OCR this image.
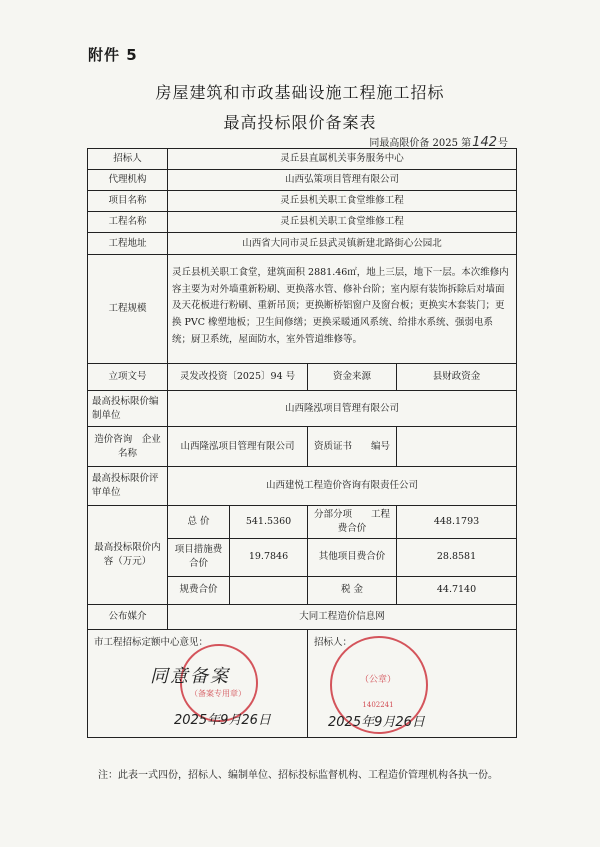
附件 5
房屋建筑和市政基础设施工程施工招标
最高投标限价备案表
同最高限价备 2025 第142号
招标人	灵丘县直属机关事务服务中心			
代理机构	山西弘策项目管理有限公司			
项目名称	灵丘县机关职工食堂维修工程			
工程名称	灵丘县机关职工食堂维修工程			
工程地址	山西省大同市灵丘县武灵镇新建北路街心公园北			
工程规模	灵丘县机关职工食堂，建筑面积 2881.46㎡，地上三层，地下一层。本次维修内容主要为对外墙重新粉刷、更换落水管、修补台阶；室内原有装饰拆除后对墙面及天花板进行粉刷、重新吊顶；更换断桥铝窗户及窗台板；更换实木套装门；更换 PVC 橡塑地板；卫生间修缮；更换采暖通风系统、给排水系统、强弱电系统；厨卫系统，屋面防水，室外管道维修等。			
立项文号	灵发改投资〔2025〕94 号		资金来源	县财政资金
最高投标限价编制单位	山西隆泓项目管理有限公司			
造价咨询　企业名称	山西隆泓项目管理有限公司		资质证书　　编号	
最高投标限价评审单位	山西建悦工程造价咨询有限责任公司			
最高投标限价内容（万元）	总 价	541.5360	分部分项　　工程费合价	448.1793
	项目措施费合价	19.7846	其他项目费合价	28.8581
	规费合价		税 金	44.7140
公布媒介	大同工程造价信息网			

市工程招标定额中心意见：
同意备案
（备案专用章）
2025年9月26日			招标人：
（公章）
1402241
2025年9月26日	
注：此表一式四份，招标人、编制单位、招标投标监督机构、工程造价管理机构各执一份。
